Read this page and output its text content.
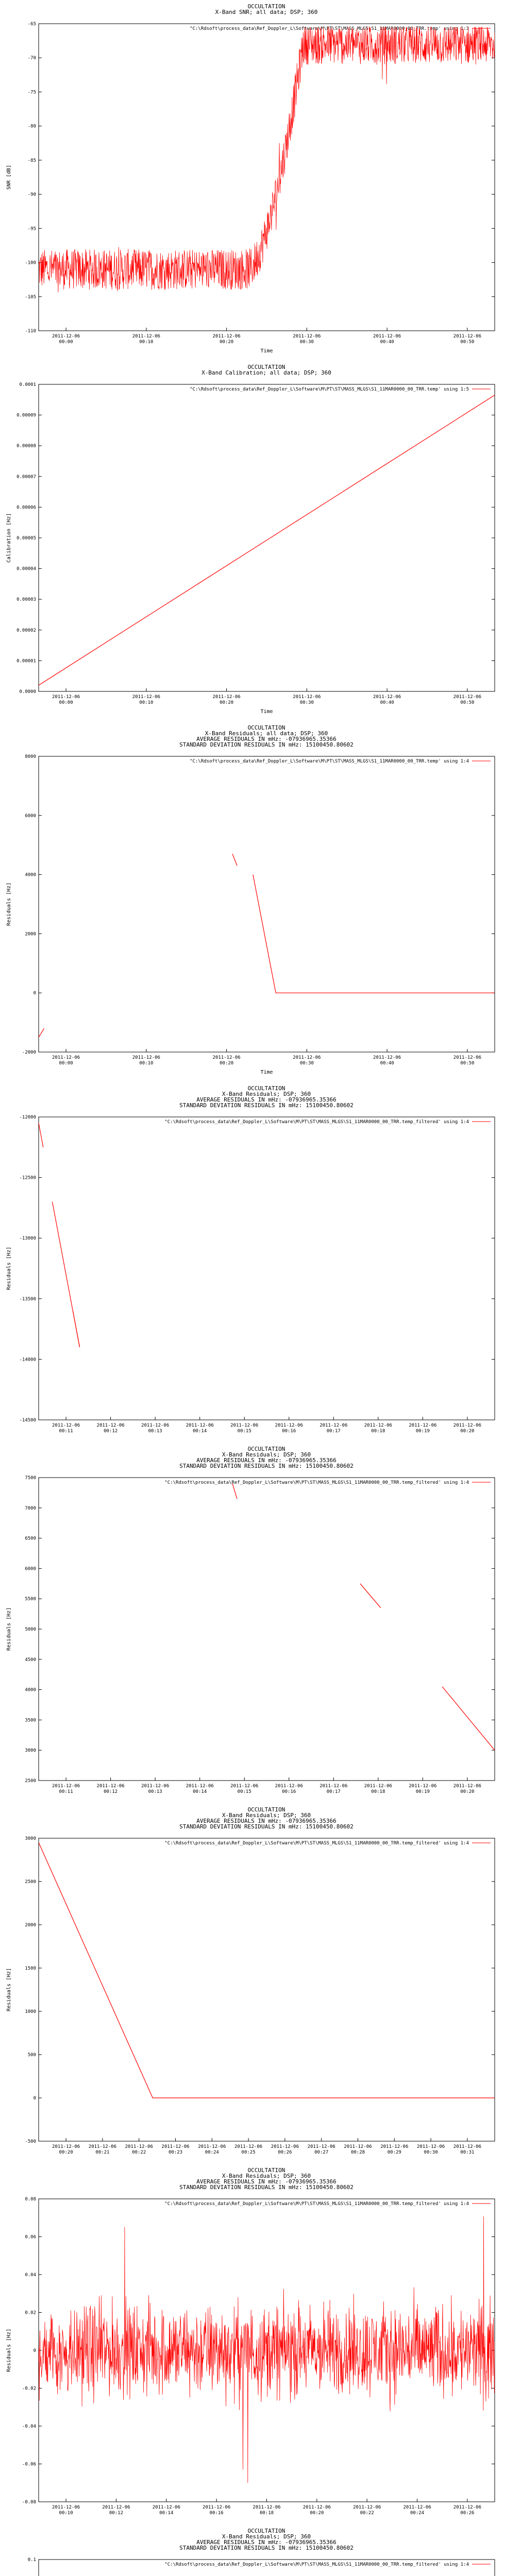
OCCULTATION
X-Band SNR; all data; DSP; 360
"C:\Rdsoft\process_data\Ref_Doppler_L\Software\M\PT\ST\MASS_MLGS\S1_11MAR0000_00_TRR.temp' using 1:3
-65
-70
-75
-80
-85
-90
-95
-100
-105
-110
2011-12-06
00:00
2011-12-06
00:10
2011-12-06
00:20
2011-12-06
00:30
2011-12-06
00:40
2011-12-06
00:50
Time
SNR [dB]
OCCULTATION
X-Band Calibration; all data; DSP; 360
"C:\Rdsoft\process_data\Ref_Doppler_L\Software\M\PT\ST\MASS_MLGS\S1_11MAR0000_00_TRR.temp' using 1:5
0.0001
0.00009
0.00008
0.00007
0.00006
0.00005
0.00004
0.00003
0.00002
0.00001
0.0000
2011-12-06
00:00
2011-12-06
00:10
2011-12-06
00:20
2011-12-06
00:30
2011-12-06
00:40
2011-12-06
00:50
Time
Calibration [Hz]
OCCULTATION
X-Band Residuals; all data; DSP; 360
AVERAGE RESIDUALS IN mHz: -07936965.35366
STANDARD DEVIATION RESIDUALS IN mHz: 15100450.80602
"C:\Rdsoft\process_data\Ref_Doppler_L\Software\M\PT\ST\MASS_MLGS\S1_11MAR0000_00_TRR.temp' using 1:4
8000
6000
4000
2000
0
-2000
2011-12-06
00:00
2011-12-06
00:10
2011-12-06
00:20
2011-12-06
00:30
2011-12-06
00:40
2011-12-06
00:50
Time
Residuals [Hz]
OCCULTATION
X-Band Residuals; DSP; 360
AVERAGE RESIDUALS IN mHz: -07936965.35366
STANDARD DEVIATION RESIDUALS IN mHz: 15100450.80602
"C:\Rdsoft\process_data\Ref_Doppler_L\Software\M\PT\ST\MASS_MLGS\S1_11MAR0000_00_TRR.temp_filtered' using 1:4
-12000
-12500
-13000
-13500
-14000
-14500
2011-12-06
00:11
2011-12-06
00:12
2011-12-06
00:13
2011-12-06
00:14
2011-12-06
00:15
2011-12-06
00:16
2011-12-06
00:17
2011-12-06
00:18
2011-12-06
00:19
2011-12-06
00:20
Residuals [Hz]
OCCULTATION
X-Band Residuals; DSP; 360
AVERAGE RESIDUALS IN mHz: -07936965.35366
STANDARD DEVIATION RESIDUALS IN mHz: 15100450.80602
"C:\Rdsoft\process_data\Ref_Doppler_L\Software\M\PT\ST\MASS_MLGS\S1_11MAR0000_00_TRR.temp_filtered' using 1:4
7500
7000
6500
6000
5500
5000
4500
4000
3500
3000
2500
2011-12-06
00:11
2011-12-06
00:12
2011-12-06
00:13
2011-12-06
00:14
2011-12-06
00:15
2011-12-06
00:16
2011-12-06
00:17
2011-12-06
00:18
2011-12-06
00:19
2011-12-06
00:20
Residuals [Hz]
OCCULTATION
X-Band Residuals; DSP; 360
AVERAGE RESIDUALS IN mHz: -07936965.35366
STANDARD DEVIATION RESIDUALS IN mHz: 15100450.80602
"C:\Rdsoft\process_data\Ref_Doppler_L\Software\M\PT\ST\MASS_MLGS\S1_11MAR0000_00_TRR.temp_filtered' using 1:4
3000
2500
2000
1500
1000
500
0
-500
2011-12-06
00:20
2011-12-06
00:21
2011-12-06
00:22
2011-12-06
00:23
2011-12-06
00:24
2011-12-06
00:25
2011-12-06
00:26
2011-12-06
00:27
2011-12-06
00:28
2011-12-06
00:29
2011-12-06
00:30
2011-12-06
00:31
Residuals [Hz]
OCCULTATION
X-Band Residuals; DSP; 360
AVERAGE RESIDUALS IN mHz: -07936965.35366
STANDARD DEVIATION RESIDUALS IN mHz: 15100450.80602
"C:\Rdsoft\process_data\Ref_Doppler_L\Software\M\PT\ST\MASS_MLGS\S1_11MAR0000_00_TRR.temp_filtered' using 1:4
0.08
0.06
0.04
0.02
0
-0.02
-0.04
-0.06
-0.08
2011-12-06
00:10
2011-12-06
00:12
2011-12-06
00:14
2011-12-06
00:16
2011-12-06
00:18
2011-12-06
00:20
2011-12-06
00:22
2011-12-06
00:24
2011-12-06
00:26
Residuals [Hz]
OCCULTATION
X-Band Residuals; DSP; 360
AVERAGE RESIDUALS IN mHz: -07936965.35366
STANDARD DEVIATION RESIDUALS IN mHz: 15100450.80602
"C:\Rdsoft\process_data\Ref_Doppler_L\Software\M\PT\ST\MASS_MLGS\S1_11MAR0000_00_TRR.temp_filtered' using 1:4
0.1
